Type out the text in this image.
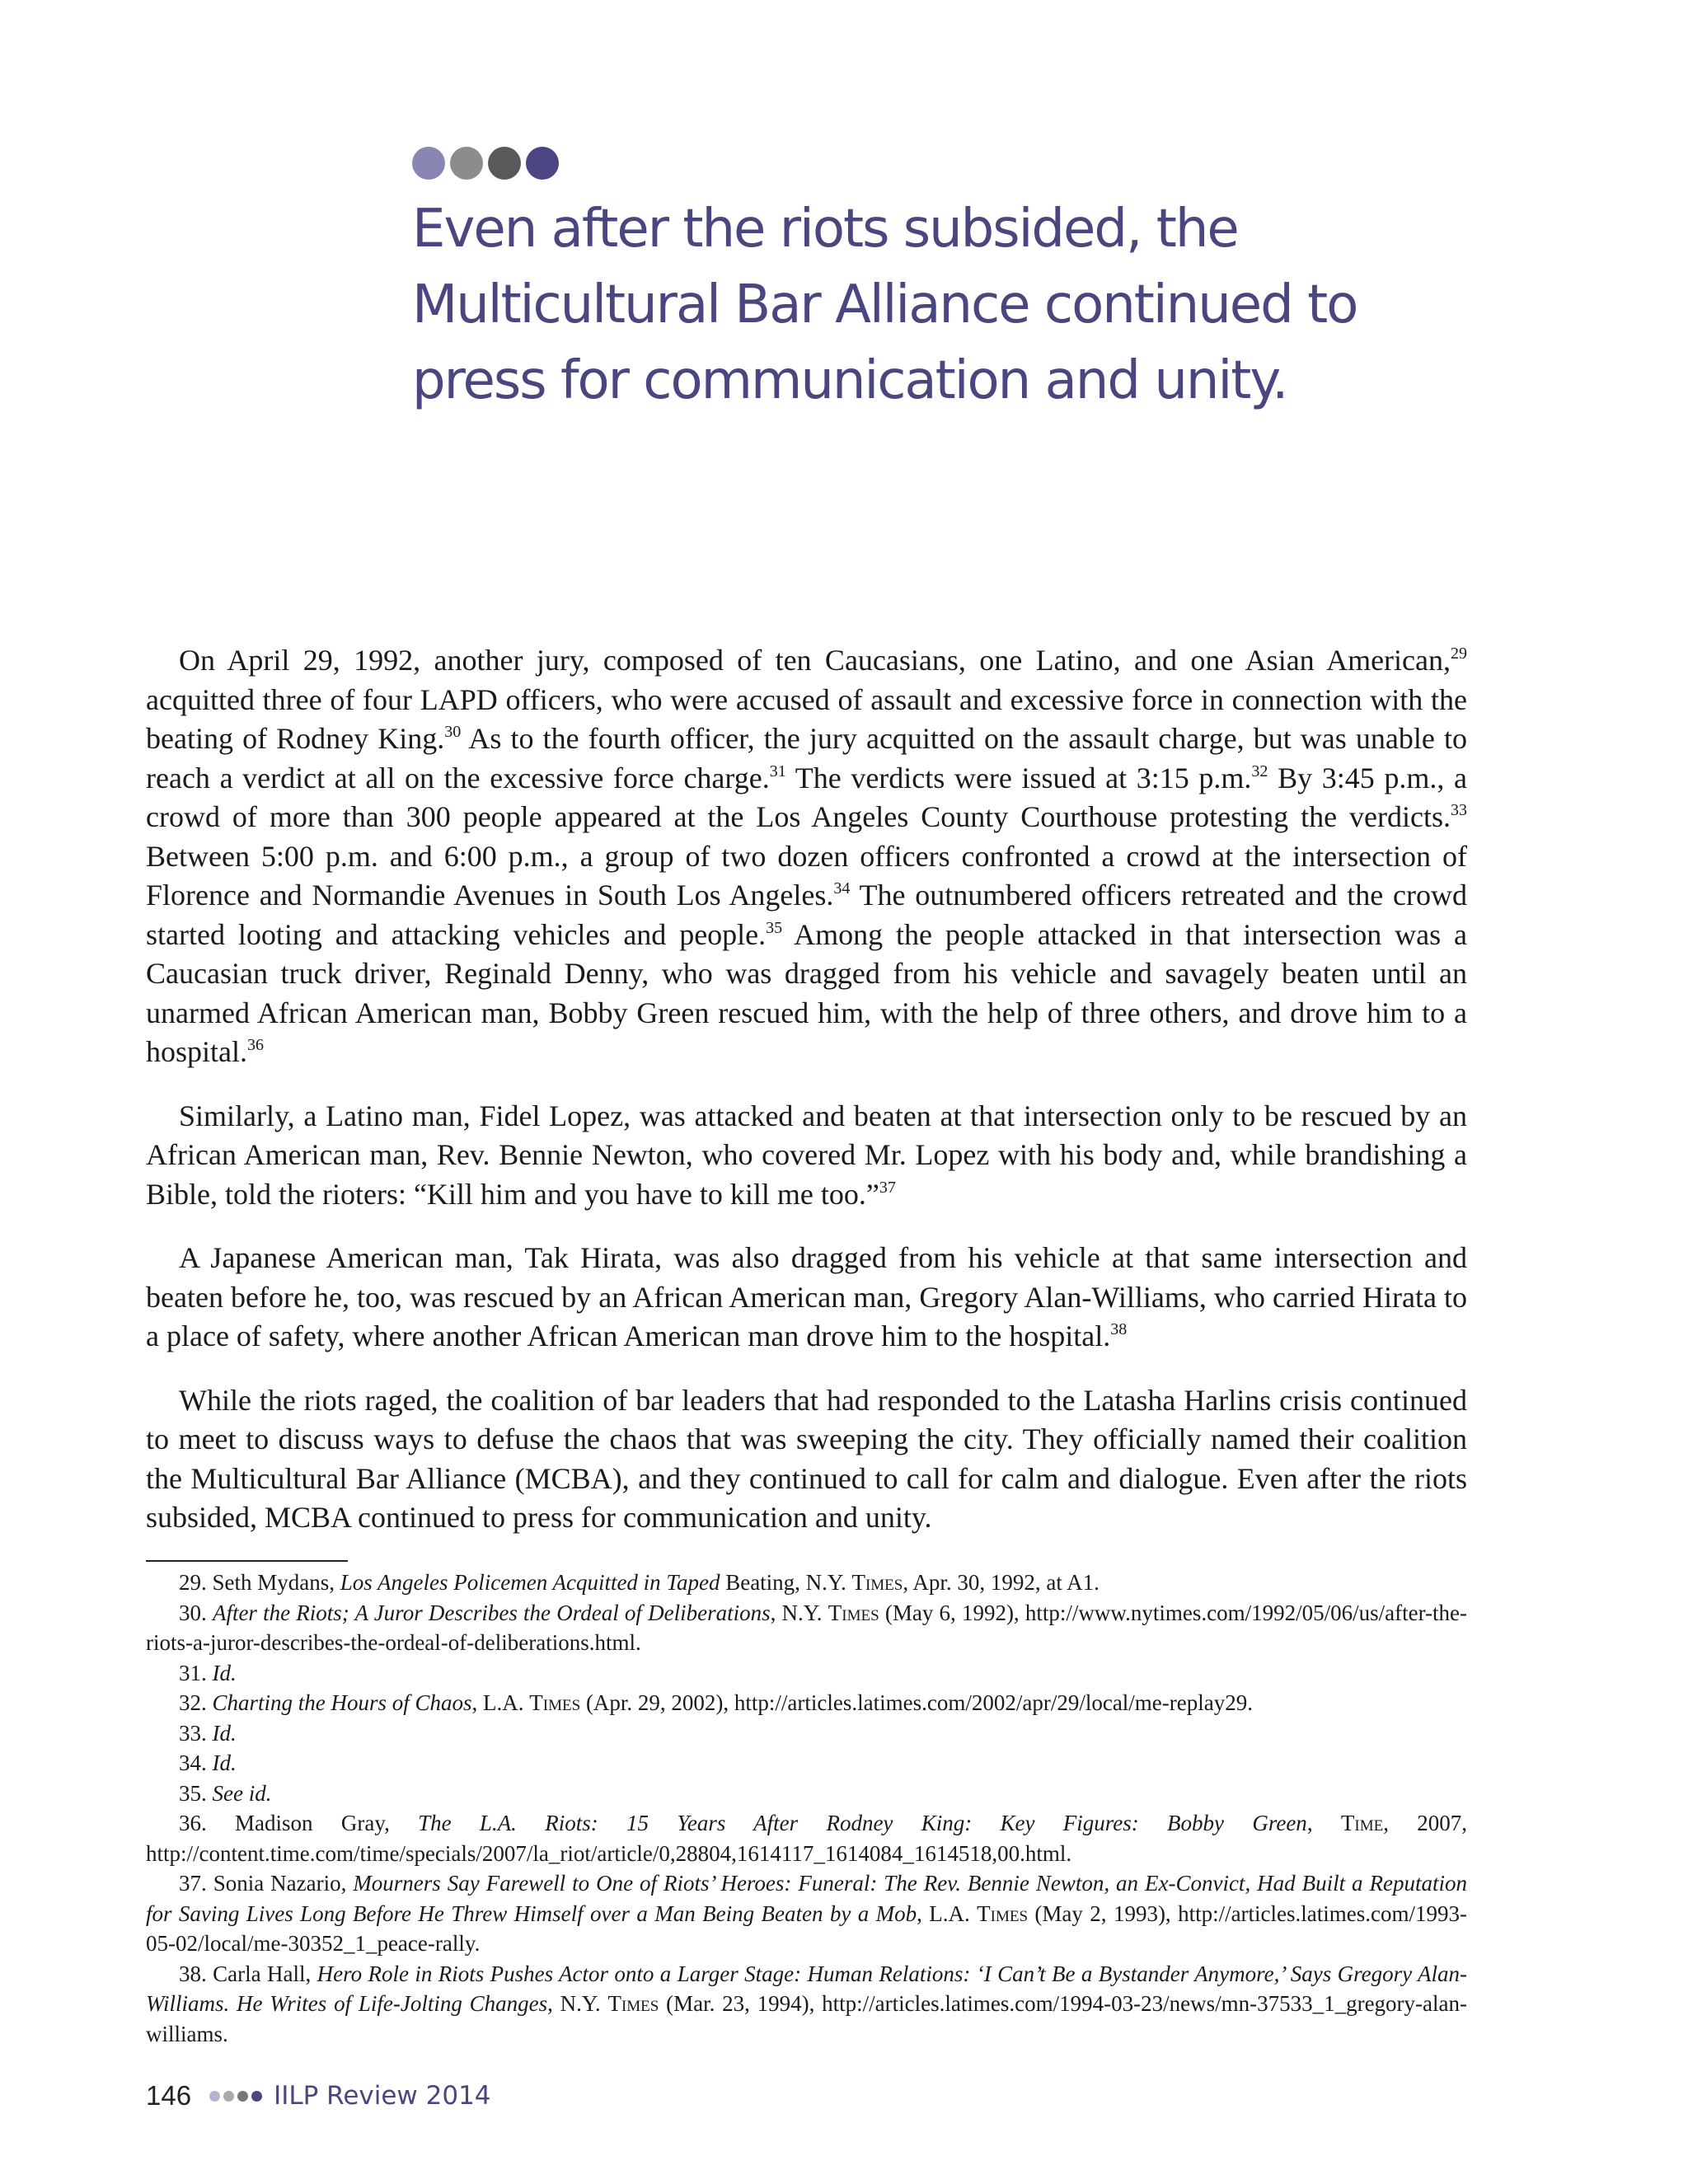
Even after the riots subsided, the
Multicultural Bar Alliance continued to
press for communication and unity.

On April 29, 1992, another jury, composed of ten Caucasians, one Latino, and one Asian American,$^{29}$ acquitted three of four LAPD officers, who were accused of assault and excessive force in connection with the beating of Rodney King.$^{30}$ As to the fourth officer, the jury acquitted on the assault charge, but was unable to reach a verdict at all on the excessive force charge.$^{31}$ The verdicts were issued at 3:15 p.m.$^{32}$ By 3:45 p.m., a crowd of more than 300 people appeared at the Los Angeles County Courthouse protesting the verdicts.$^{33}$ Between 5:00 p.m. and 6:00 p.m., a group of two dozen officers confronted a crowd at the intersection of Florence and Normandie Avenues in South Los Angeles.$^{34}$ The outnumbered officers retreated and the crowd started looting and attacking vehicles and people.$^{35}$ Among the people attacked in that intersection was a Caucasian truck driver, Reginald Denny, who was dragged from his vehicle and savagely beaten until an unarmed African American man, Bobby Green rescued him, with the help of three others, and drove him to a hospital.$^{36}$

Similarly, a Latino man, Fidel Lopez, was attacked and beaten at that intersection only to be rescued by an African American man, Rev. Bennie Newton, who covered Mr. Lopez with his body and, while brandishing a Bible, told the rioters: “Kill him and you have to kill me too.”$^{37}$

A Japanese American man, Tak Hirata, was also dragged from his vehicle at that same intersection and beaten before he, too, was rescued by an African American man, Gregory Alan-Williams, who carried Hirata to a place of safety, where another African American man drove him to the hospital.$^{38}$

While the riots raged, the coalition of bar leaders that had responded to the Latasha Harlins crisis continued to meet to discuss ways to defuse the chaos that was sweeping the city. They officially named their coalition the Multicultural Bar Alliance (MCBA), and they continued to call for calm and dialogue. Even after the riots subsided, MCBA continued to press for communication and unity.

29. Seth Mydans, Los Angeles Policemen Acquitted in Taped Beating, N.Y. Times, Apr. 30, 1992, at A1.

30. After the Riots; A Juror Describes the Ordeal of Deliberations, N.Y. Times (May 6, 1992), http://www.nytimes.com/1992/05/06/us/after-the-riots-a-juror-describes-the-ordeal-of-deliberations.html.

31. Id.

32. Charting the Hours of Chaos, L.A. Times (Apr. 29, 2002), http://articles.latimes.com/2002/apr/29/local/me-replay29.

33. Id.

34. Id.

35. See id.

36. Madison Gray, The L.A. Riots: 15 Years After Rodney King: Key Figures: Bobby Green, Time, 2007, http://content.time.com/time/specials/2007/la_riot/article/0,28804,1614117_1614084_1614518,00.html.

37. Sonia Nazario, Mourners Say Farewell to One of Riots’ Heroes: Funeral: The Rev. Bennie Newton, an Ex-Convict, Had Built a Reputation for Saving Lives Long Before He Threw Himself over a Man Being Beaten by a Mob, L.A. Times (May 2, 1993), http://articles.latimes.com/1993-05-02/local/me-30352_1_peace-rally.

38. Carla Hall, Hero Role in Riots Pushes Actor onto a Larger Stage: Human Relations: ‘I Can’t Be a Bystander Anymore,’ Says Gregory Alan-Williams. He Writes of Life-Jolting Changes, N.Y. Times (Mar. 23, 1994), http://articles.latimes.com/1994-03-23/news/mn-37533_1_gregory-alan-williams.

146	IILP Review 2014
